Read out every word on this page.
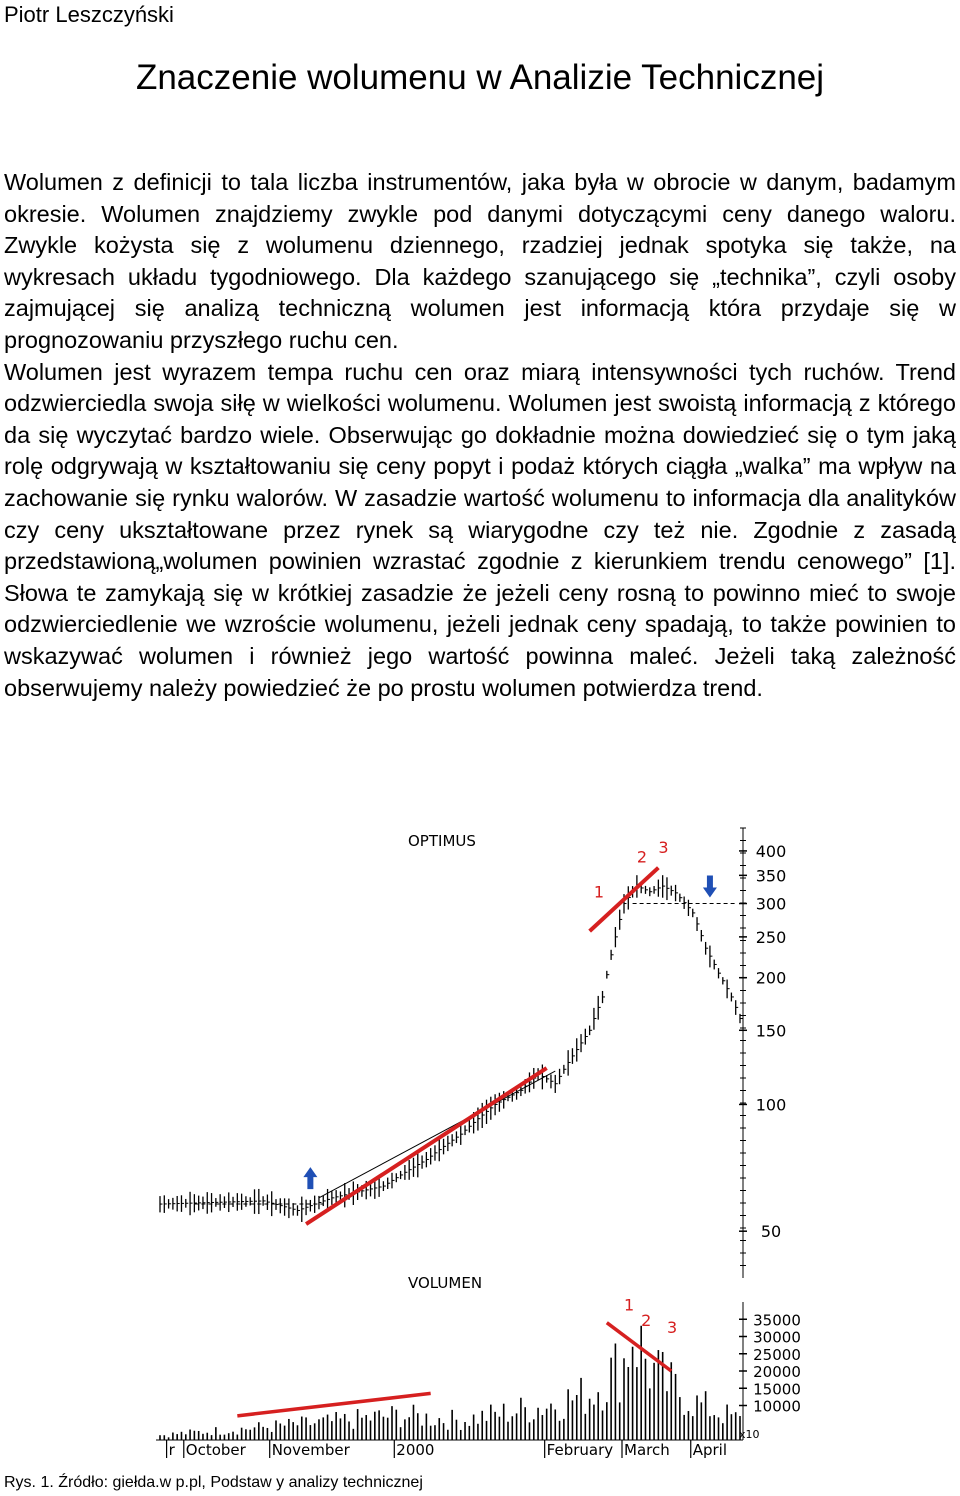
Piotr Leszczyński
Znaczenie wolumenu w Analizie Technicznej

Wolumen z definicji to tala liczba instrumentów, jaka była w obrocie w danym, badamym okresie. Wolumen znajdziemy zwykle pod danymi dotyczącymi ceny danego waloru. Zwykle kożysta się z wolumenu dziennego, rzadziej jednak spotyka się także, na wykresach układu tygodniowego. Dla każdego szanującego się „technika”, czyli osoby zajmującej się analizą techniczną wolumen jest informacją która przydaje się w prognozowaniu przyszłego ruchu cen.

Wolumen jest wyrazem tempa ruchu cen oraz miarą intensywności tych ruchów. Trend odzwierciedla swoja siłę w wielkości wolumenu. Wolumen jest swoistą informacją z którego da się wyczytać bardzo wiele. Obserwując go dokładnie można dowiedzieć się o tym jaką rolę odgrywają w kształtowaniu się ceny popyt i podaż których ciągła „walka” ma wpływ na zachowanie się rynku walorów. W zasadzie wartość wolumenu to informacja dla analityków czy ceny ukształtowane przez rynek są wiarygodne czy też nie. Zgodnie z zasadą przedstawioną„wolumen powinien wzrastać zgodnie z kierunkiem trendu cenowego” [1]. Słowa te zamykają się w krótkiej zasadzie że jeżeli ceny rosną to powinno mieć to swoje odzwierciedlenie we wzroście wolumenu, jeżeli jednak ceny spadają, to także powinien to wskazywać wolumen i również jego wartość powinna maleć. Jeżeli taką zależność obserwujemy należy powiedzieć że po prostu wolumen potwierdza trend.

OPTIMUS
400
350
300
250
200
150
100
50
1
2
3
VOLUMEN
35000
30000
25000
20000
15000
10000
x10
1
2 3
r October November	2000	February March April
Rys. 1. Źródło: giełda.w p.pl, Podstaw y analizy technicznej
